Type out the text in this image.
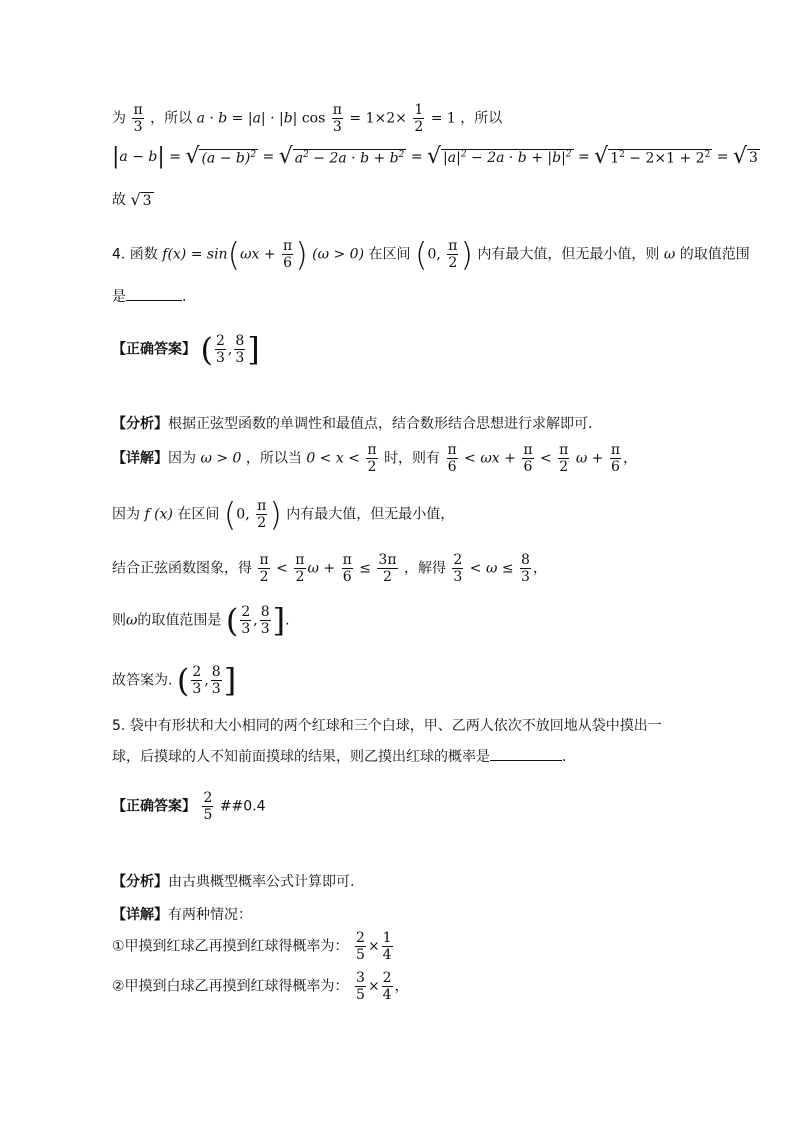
为 $\frac{\pi}{3}$ ，所以 a · b = |a| · |b| $\cos \frac{\pi}{3} = 1\times 2\times \frac{1}{2} = 1$ ，所以
|a − b| = √ $(a - b)^2$ = √ $a^2 - 2a \cdot b + b^2$ = √ $|a|^2 - 2a \cdot b + |b|^2$ = √ $1^2 - 2\times 1 + 2^2$ = √ 3
故 √ 3
4. 函数 $f(x) = \sin(\omega x + \frac{\pi}{6}$ ) (ω > 0) 在区间 (0, $\frac{\pi}{2}$ ) 内有最大值，但无最小值，则 ω 的取值范围
是	.
【正确答案】 ( $\frac{2}{3}$ , $\frac{8}{3}$ ]
【分析】根据正弦型函数的单调性和最值点，结合数形结合思想进行求解即可．
【详解】因为 ω > 0 ，所以当 $0 < x < \frac{\pi}{2}$ 时，则有 $\frac{\pi}{6} < \omega x + \frac{\pi}{6} < \frac{\pi}{2}$ $\omega + \frac{\pi}{6}$ ，
因为 f (x) 在区间 (0, $\frac{\pi}{2}$ ) 内有最大值，但无最小值，
结合正弦函数图象，得 $\frac{\pi}{2} < \frac{\pi}{2}$ $\omega + \frac{\pi}{6} \le \frac{3\pi}{2}$ ，解得 $\frac{2}{3} < \omega \le \frac{8}{3}$ ，
则ω的取值范围是 ( $\frac{2}{3}$ , $\frac{8}{3}$ ].
故答案为. ( $\frac{2}{3}$ , $\frac{8}{3}$ ]
5. 袋中有形状和大小相同的两个红球和三个白球，甲、乙两人依次不放回地从袋中摸出一
球，后摸球的人不知前面摸球的结果，则乙摸出红球的概率是	．
【正确答案】 $\frac{2}{5}$ ##0.4
【分析】由古典概型概率公式计算即可.
【详解】有两种情况：
①甲摸到红球乙再摸到红球得概率为： $\frac{2}{5} \times \frac{1}{4}$
②甲摸到白球乙再摸到红球得概率为： $\frac{3}{5} \times \frac{2}{4}$ ，
